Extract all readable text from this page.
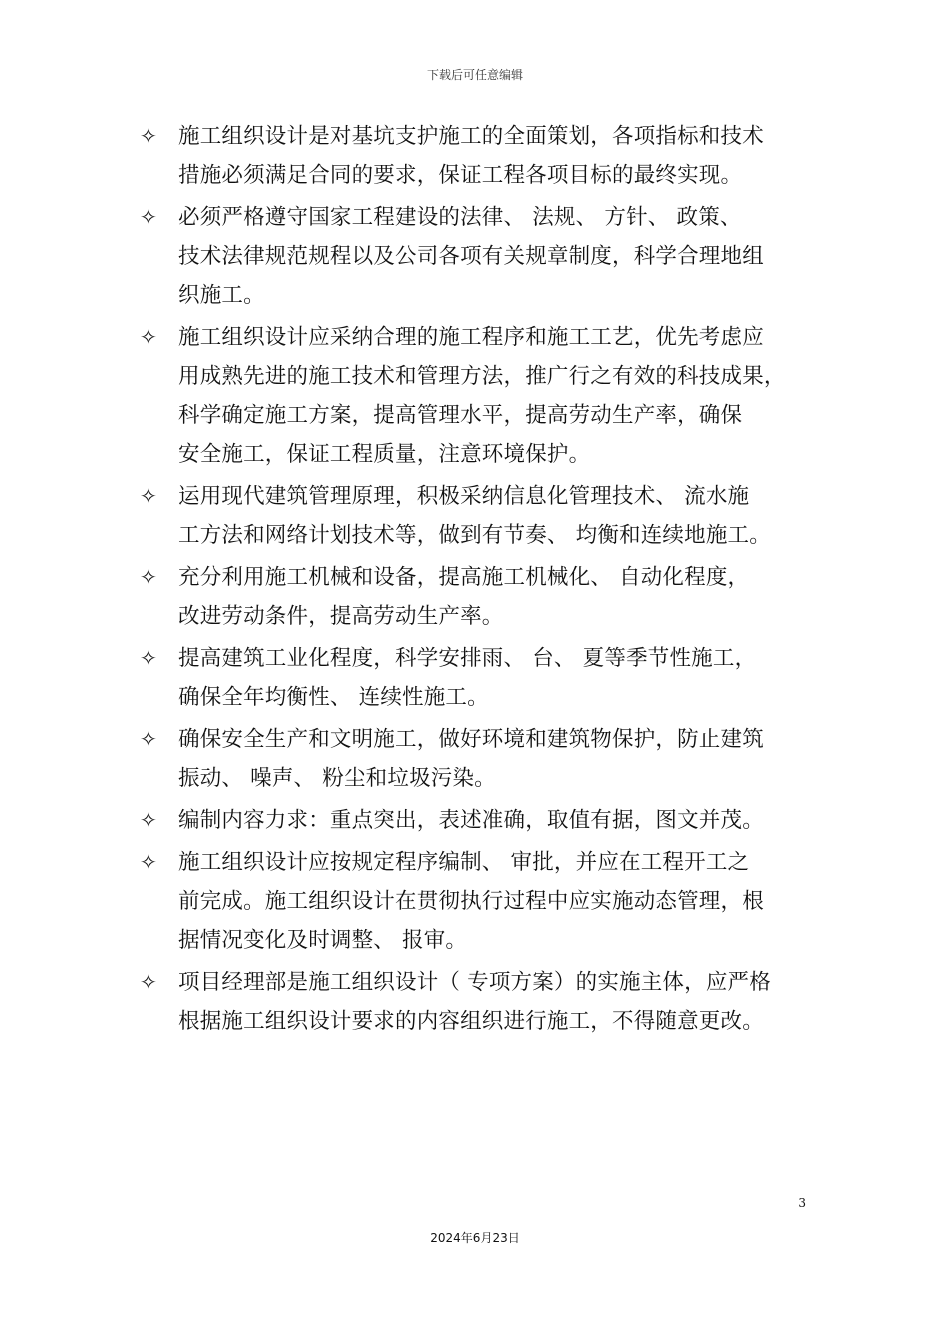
下载后可任意编辑
✧ 施工组织设计是对基坑支护施工的全面策划，各项指标和技术
措施必须满足合同的要求，保证工程各项目标的最终实现。
✧ 必须严格遵守国家工程建设的法律、 法规、 方针、 政策、
技术法律规范规程以及公司各项有关规章制度，科学合理地组
织施工。
✧ 施工组织设计应采纳合理的施工程序和施工工艺，优先考虑应
用成熟先进的施工技术和管理方法，推广行之有效的科技成果，
科学确定施工方案，提高管理水平，提高劳动生产率，确保
安全施工，保证工程质量，注意环境保护。
✧ 运用现代建筑管理原理，积极采纳信息化管理技术、 流水施
工方法和网络计划技术等，做到有节奏、 均衡和连续地施工。
✧ 充分利用施工机械和设备，提高施工机械化、 自动化程度，
改进劳动条件，提高劳动生产率。
✧ 提高建筑工业化程度，科学安排雨、 台、 夏等季节性施工，
确保全年均衡性、 连续性施工。
✧ 确保安全生产和文明施工，做好环境和建筑物保护，防止建筑
振动、 噪声、 粉尘和垃圾污染。
✧ 编制内容力求：重点突出，表述准确，取值有据，图文并茂。
✧ 施工组织设计应按规定程序编制、 审批，并应在工程开工之
前完成。施工组织设计在贯彻执行过程中应实施动态管理，根
据情况变化及时调整、 报审。
✧ 项目经理部是施工组织设计（ 专项方案）的实施主体，应严格
根据施工组织设计要求的内容组织进行施工，不得随意更改。
3
2024年6月23日
